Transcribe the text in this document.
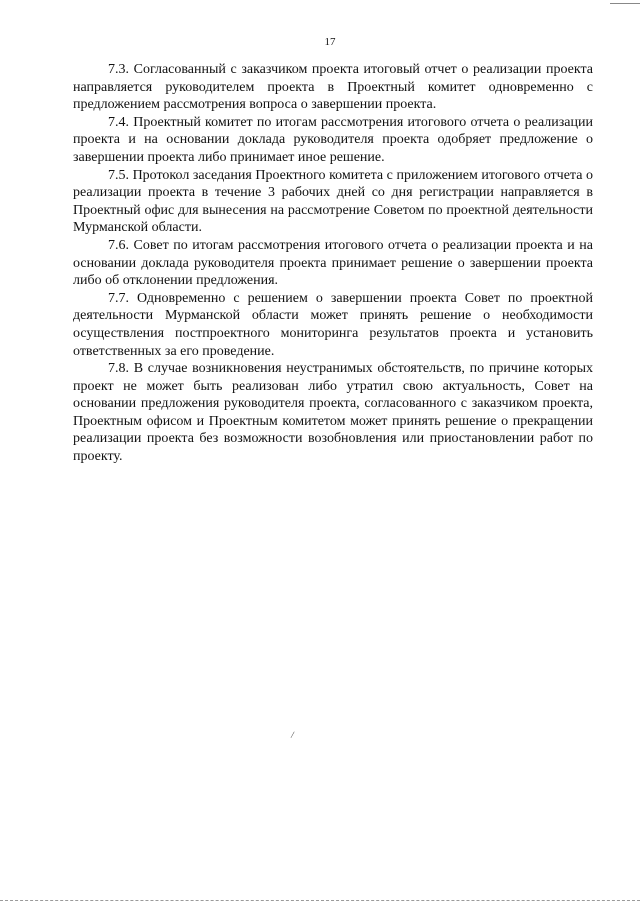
17

7.3. Согласованный с заказчиком проекта итоговый отчет о реализации проекта направляется руководителем проекта в Проектный комитет одновременно с предложением рассмотрения вопроса о завершении проекта.

7.4. Проектный комитет по итогам рассмотрения итогового отчета о реализации проекта и на основании доклада руководителя проекта одобряет предложение о завершении проекта либо принимает иное решение.

7.5. Протокол заседания Проектного комитета с приложением итогового отчета о реализации проекта в течение 3 рабочих дней со дня регистрации направляется в Проектный офис для вынесения на рассмотрение Советом по проектной деятельности Мурманской области.

7.6. Совет по итогам рассмотрения итогового отчета о реализации проекта и на основании доклада руководителя проекта принимает решение о завершении проекта либо об отклонении предложения.

7.7. Одновременно с решением о завершении проекта Совет по проектной деятельности Мурманской области может принять решение о необходимости осуществления постпроектного мониторинга результатов проекта и установить ответственных за его проведение.

7.8. В случае возникновения неустранимых обстоятельств, по причине которых проект не может быть реализован либо утратил свою актуальность, Совет на основании предложения руководителя проекта, согласованного с заказчиком проекта, Проектным офисом и Проектным комитетом может принять решение о прекращении реализации проекта без возможности возобновления или приостановлении работ по проекту.

/
